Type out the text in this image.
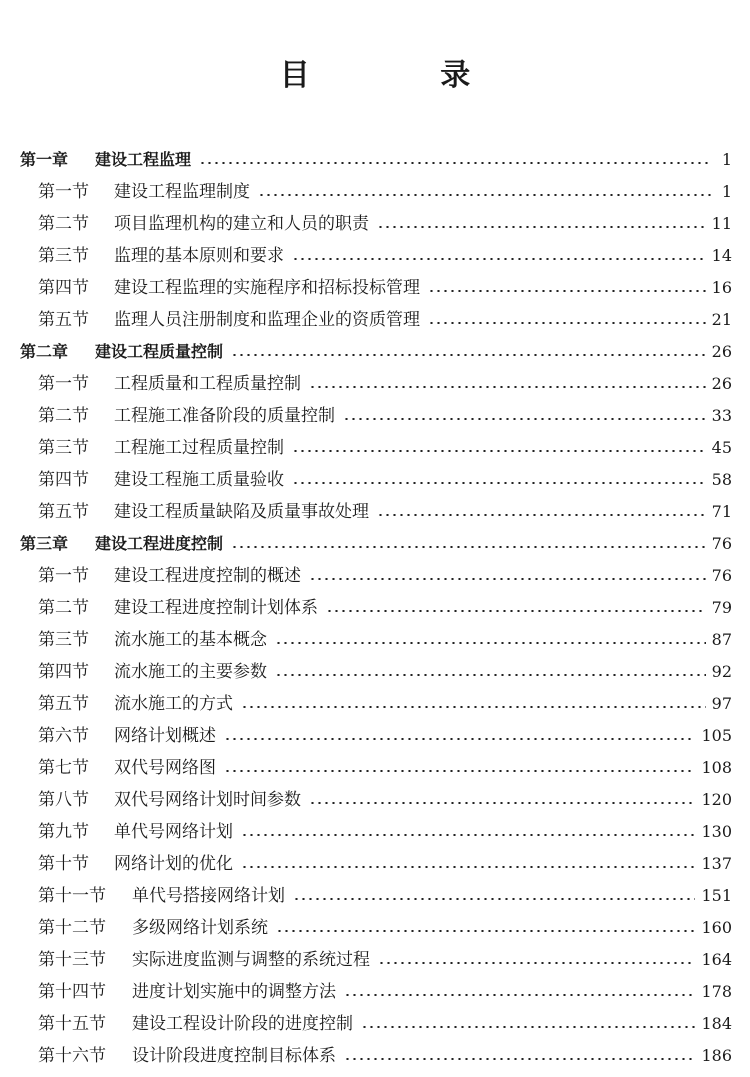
目 录
第一章	建设工程监理	1
第一节	建设工程监理制度	1
第二节	项目监理机构的建立和人员的职责	11
第三节	监理的基本原则和要求	14
第四节	建设工程监理的实施程序和招标投标管理	16
第五节	监理人员注册制度和监理企业的资质管理	21
第二章	建设工程质量控制	26
第一节	工程质量和工程质量控制	26
第二节	工程施工准备阶段的质量控制	33
第三节	工程施工过程质量控制	45
第四节	建设工程施工质量验收	58
第五节	建设工程质量缺陷及质量事故处理	71
第三章	建设工程进度控制	76
第一节	建设工程进度控制的概述	76
第二节	建设工程进度控制计划体系	79
第三节	流水施工的基本概念	87
第四节	流水施工的主要参数	92
第五节	流水施工的方式	97
第六节	网络计划概述	105
第七节	双代号网络图	108
第八节	双代号网络计划时间参数	120
第九节	单代号网络计划	130
第十节	网络计划的优化	137
第十一节	单代号搭接网络计划	151
第十二节	多级网络计划系统	160
第十三节	实际进度监测与调整的系统过程	164
第十四节	进度计划实施中的调整方法	178
第十五节	建设工程设计阶段的进度控制	184
第十六节	设计阶段进度控制目标体系	186
